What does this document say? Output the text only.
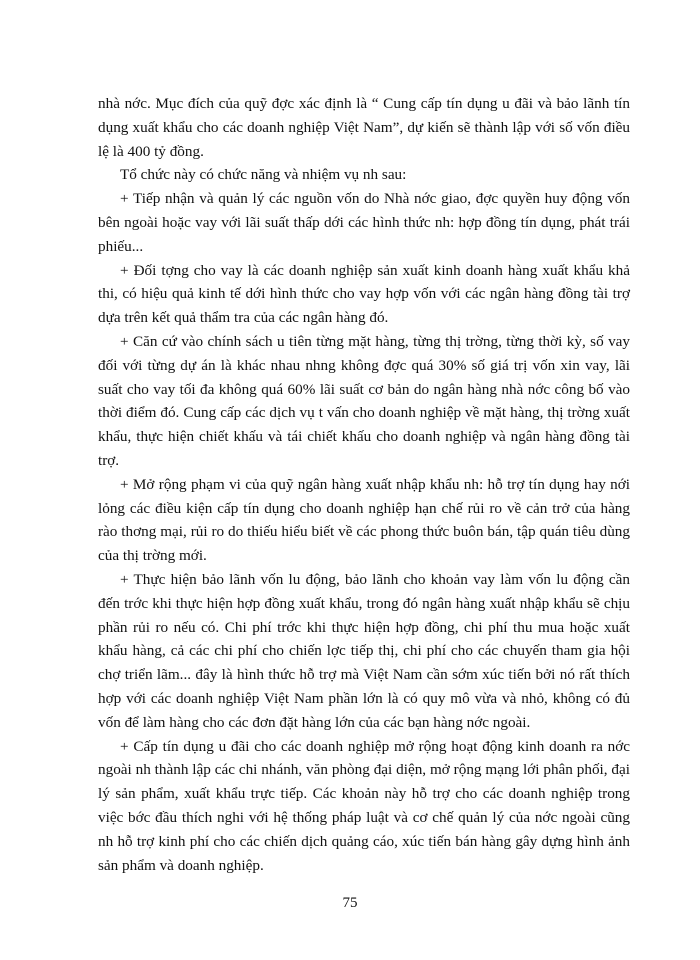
nhà nớc. Mục đích của quỹ đợc xác định là “ Cung cấp tín dụng u đãi và bảo lãnh tín dụng xuất khẩu cho các doanh nghiệp Việt Nam”, dự kiến sẽ thành lập với số vốn điều lệ là 400 tỷ đồng.

Tổ chức này có chức năng và nhiệm vụ nh sau:

+ Tiếp nhận và quản lý các nguồn vốn do Nhà nớc giao, đợc quyền huy động vốn bên ngoài hoặc vay với lãi suất thấp dới các hình thức nh: hợp đồng tín dụng, phát trái phiếu...

+ Đối tợng cho vay là các doanh nghiệp sản xuất kinh doanh hàng xuất khẩu khả thi, có hiệu quả kinh tế dới hình thức cho vay hợp vốn với các ngân hàng đồng tài trợ dựa trên kết quả thẩm tra của các ngân hàng đó.

+ Căn cứ vào chính sách u tiên từng mặt hàng, từng thị trờng, từng thời kỳ, số vay đối với từng dự án là khác nhau nhng không đợc quá 30% số giá trị vốn xin vay, lãi suất cho vay tối đa không quá 60% lãi suất cơ bản do ngân hàng nhà nớc công bố vào thời điểm đó. Cung cấp các dịch vụ t vấn cho doanh nghiệp về mặt hàng, thị trờng xuất khẩu, thực hiện chiết khấu và tái chiết khấu cho doanh nghiệp và ngân hàng đồng tài trợ.

+ Mở rộng phạm vi của quỹ ngân hàng xuất nhập khẩu nh: hỗ trợ tín dụng hay nới lỏng các điều kiện cấp tín dụng cho doanh nghiệp hạn chế rủi ro về cản trở của hàng rào thơng mại, rủi ro do thiếu hiểu biết về các phong thức buôn bán, tập quán tiêu dùng của thị trờng mới.

+ Thực hiện bảo lãnh vốn lu động, bảo lãnh cho khoản vay làm vốn lu động cần đến trớc khi thực hiện hợp đồng xuất khẩu, trong đó ngân hàng xuất nhập khẩu sẽ chịu phần rủi ro nếu có. Chi phí trớc khi thực hiện hợp đồng, chi phí thu mua hoặc xuất khẩu hàng, cả các chi phí cho chiến lợc tiếp thị, chi phí cho các chuyến tham gia hội chợ triển lãm... đây là hình thức hỗ trợ mà Việt Nam cần sớm xúc tiến bởi nó rất thích hợp với các doanh nghiệp Việt Nam phần lớn là có quy mô vừa và nhỏ, không có đủ vốn để làm hàng cho các đơn đặt hàng lớn của các bạn hàng nớc ngoài.

+ Cấp tín dụng u đãi cho các doanh nghiệp mở rộng hoạt động kinh doanh ra nớc ngoài nh thành lập các chi nhánh, văn phòng đại diện, mở rộng mạng lới phân phối, đại lý sản phẩm, xuất khẩu trực tiếp. Các khoản này hỗ trợ cho các doanh nghiệp trong việc bớc đầu thích nghi với hệ thống pháp luật và cơ chế quản lý của nớc ngoài cũng nh hỗ trợ kinh phí cho các chiến dịch quảng cáo, xúc tiến bán hàng gây dựng hình ảnh sản phẩm và doanh nghiệp.

75
